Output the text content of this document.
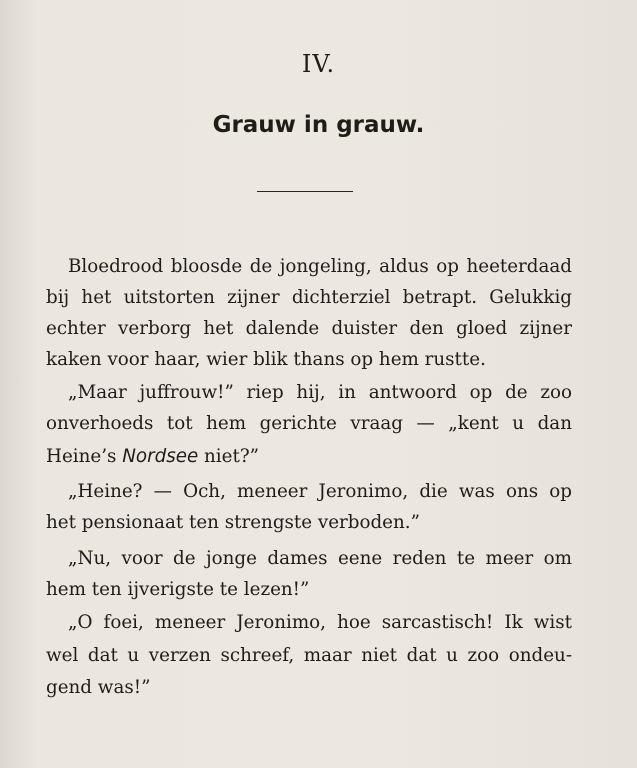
IV.
Grauw in grauw.
Bloedrood bloosde de jongeling, aldus op heeterdaad
bij het uitstorten zijner dichterziel betrapt. Gelukkig
echter verborg het dalende duister den gloed zijner
kaken voor haar, wier blik thans op hem rustte.
„Maar juffrouw!” riep hij, in antwoord op de zoo
onverhoeds tot hem gerichte vraag — „kent u dan
Heine’s Nordsee niet?”
„Heine? — Och, meneer Jeronimo, die was ons op
het pensionaat ten strengste verboden.”
„Nu, voor de jonge dames eene reden te meer om
hem ten ijverigste te lezen!”
„O foei, meneer Jeronimo, hoe sarcastisch! Ik wist
wel dat u verzen schreef, maar niet dat u zoo ondeu-
gend was!”
